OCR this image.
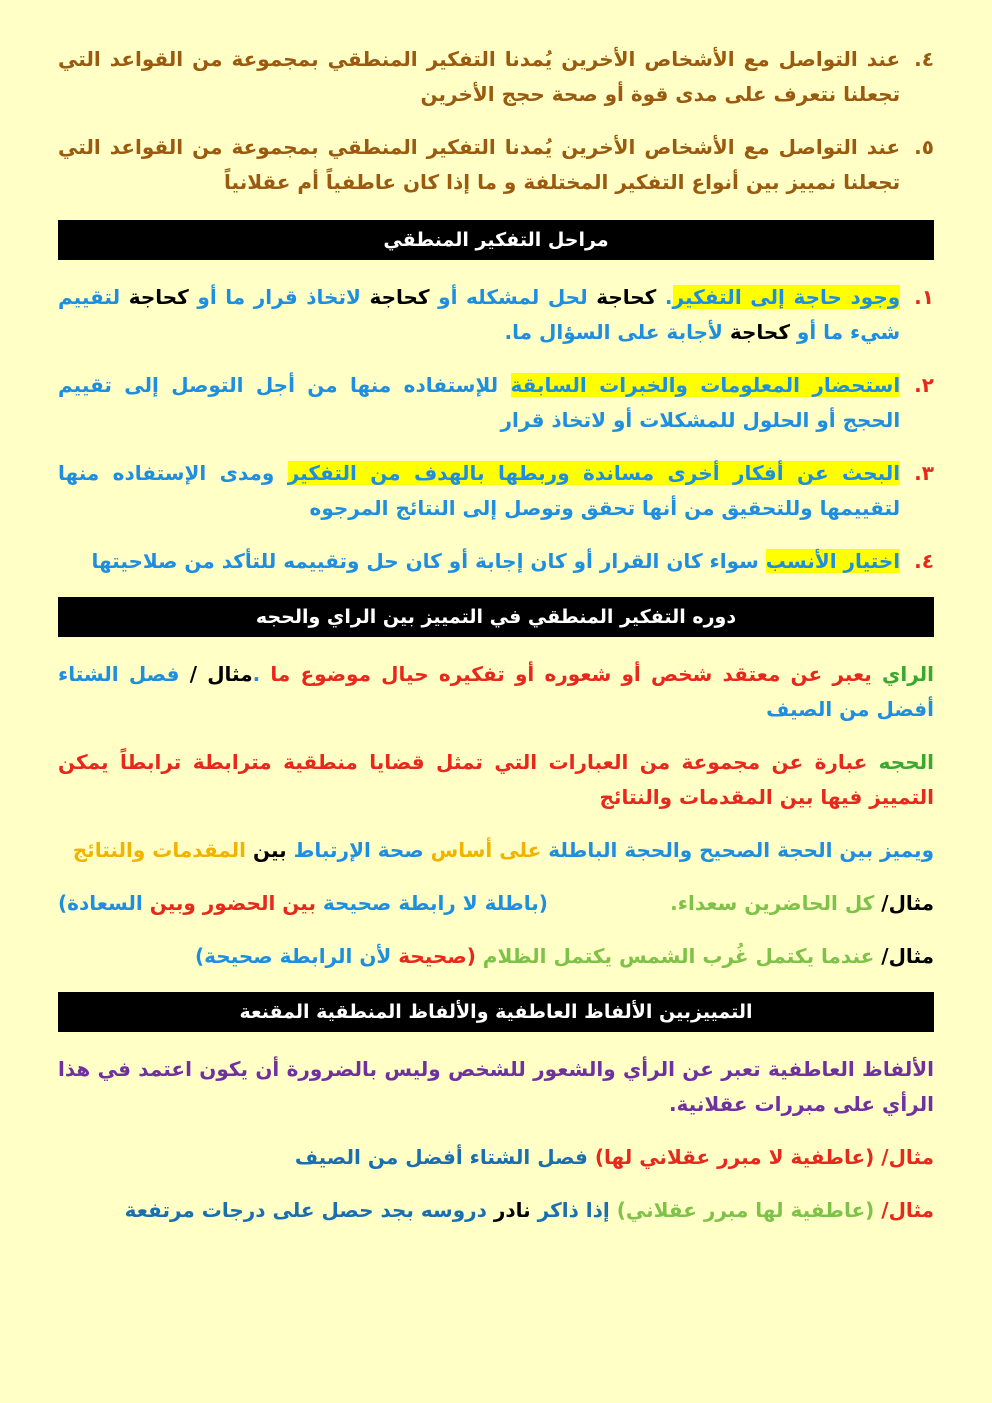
٤.
عند التواصل مع الأشخاص الأخرين يُمدنا التفكير المنطقي بمجموعة من القواعد التي تجعلنا نتعرف على مدى قوة أو صحة حجج الأخرين
٥.
عند التواصل مع الأشخاص الأخرين يُمدنا التفكير المنطقي بمجموعة من القواعد التي تجعلنا نمييز بين أنواع التفكير المختلفة و ما إذا كان عاطفياً أم عقلانياً
مراحل التفكير المنطقي
١.
وجود حاجة إلى التفكير. كحاجة لحل لمشكله أو كحاجة لاتخاذ قرار ما أو كحاجة لتقييم شيء ما أو كحاجة لأجابة على السؤال ما.
٢.
استحضار المعلومات والخبرات السابقة للإستفاده منها من أجل التوصل إلى تقييم الحجج أو الحلول للمشكلات أو لاتخاذ قرار
٣.
البحث عن أفكار أخرى مساندة وربطها بالهدف من التفكير ومدى الإستفاده منها لتقييمها وللتحقيق من أنها تحقق وتوصل إلى النتائج المرجوه
٤.
اختيار الأنسب سواء كان القرار أو كان إجابة أو كان حل وتقييمه للتأكد من صلاحيتها
دوره التفكير المنطقي في التمييز بين الراي والحجه
الراي يعبر عن معتقد شخص أو شعوره أو تفكيره حيال موضوع ما .مثال / فصل الشتاء أفضل من الصيف
الحجه عبارة عن مجموعة من العبارات التي تمثل قضايا منطقية مترابطة ترابطاً يمكن التمييز فيها بين المقدمات والنتائج
ويميز بين الحجة الصحيح والحجة الباطلة على أساس صحة الإرتباط بين المقدمات والنتائج
مثال/ كل الحاضرين سعداء.
(باطلة لا رابطة صحيحة بين الحضور وبين السعادة)
مثال/ عندما يكتمل غُرب الشمس يكتمل الظلام (صحيحة لأن الرابطة صحيحة)
التمييزبين الألفاظ العاطفية والألفاظ المنطقية المقنعة
الألفاظ العاطفية تعبر عن الرأي والشعور للشخص وليس بالضرورة أن يكون اعتمد في هذا الرأي على مبررات عقلانية.
مثال/ (عاطفية لا مبرر عقلاني لها) فصل الشتاء أفضل من الصيف
مثال/ (عاطفية لها مبرر عقلاني) إذا ذاكر نادر دروسه بجد حصل على درجات مرتفعة
